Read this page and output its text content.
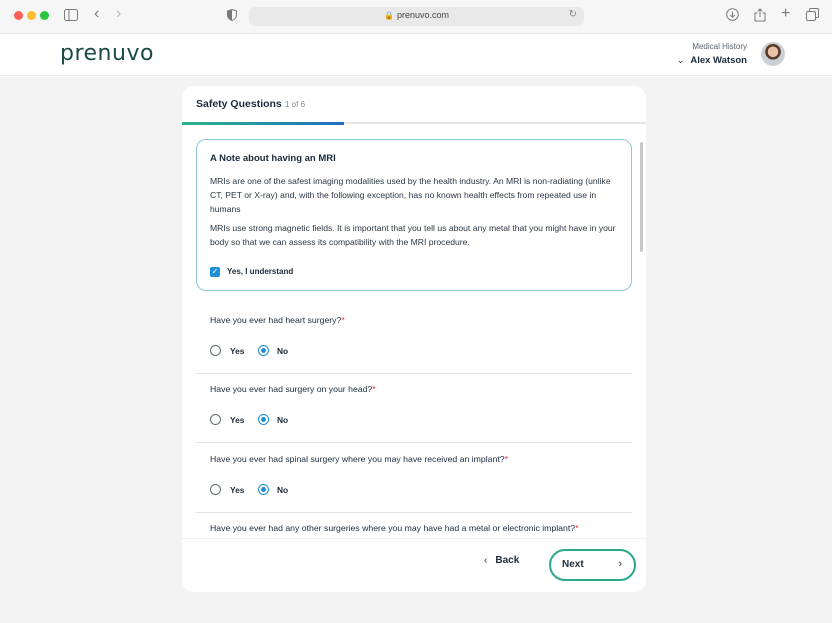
‹ ›	🔒 prenuvo.com	↻	+
prenuvo	Medical History
⌄ Alex Watson
Safety Questions 1 of 6
A Note about having an MRI
MRIs are one of the safest imaging modalities used by the health industry. An MRI is non-radiating (unlike CT, PET or X-ray) and, with the following exception, has no known health effects from repeated use in humans
MRIs use strong magnetic fields. It is important that you tell us about any metal that you might have in your body so that we can assess its compatibility with the MRI procedure.
✓ Yes, I understand
Have you ever had heart surgery?*
Yes	No
Have you ever had surgery on your head?*
Yes	No
Have you ever had spinal surgery where you may have received an implant?*
Yes	No
Have you ever had any other surgeries where you may have had a metal or electronic implant?*
‹ Back	Next	›
